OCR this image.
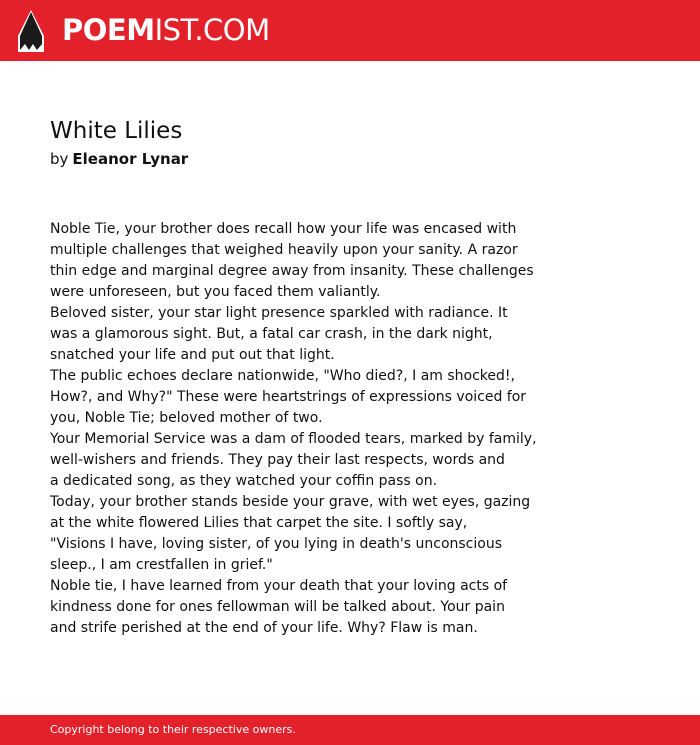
POEMIST.COM
White Lilies
by Eleanor Lynar
Noble Tie, your brother does recall how your life was encased with
multiple challenges that weighed heavily upon your sanity. A razor
thin edge and marginal degree away from insanity. These challenges
were unforeseen, but you faced them valiantly.
Beloved sister, your star light presence sparkled with radiance. It
was a glamorous sight. But, a fatal car crash, in the dark night,
snatched your life and put out that light.
The public echoes declare nationwide, "Who died?, I am shocked!,
How?, and Why?" These were heartstrings of expressions voiced for
you, Noble Tie; beloved mother of two.
Your Memorial Service was a dam of flooded tears, marked by family,
well-wishers and friends. They pay their last respects, words and
a dedicated song, as they watched your coffin pass on.
Today, your brother stands beside your grave, with wet eyes, gazing
at the white flowered Lilies that carpet the site. I softly say,
"Visions I have, loving sister, of you lying in death's unconscious
sleep., I am crestfallen in grief."
Noble tie, I have learned from your death that your loving acts of
kindness done for ones fellowman will be talked about. Your pain
and strife perished at the end of your life. Why? Flaw is man.
Copyright belong to their respective owners.
